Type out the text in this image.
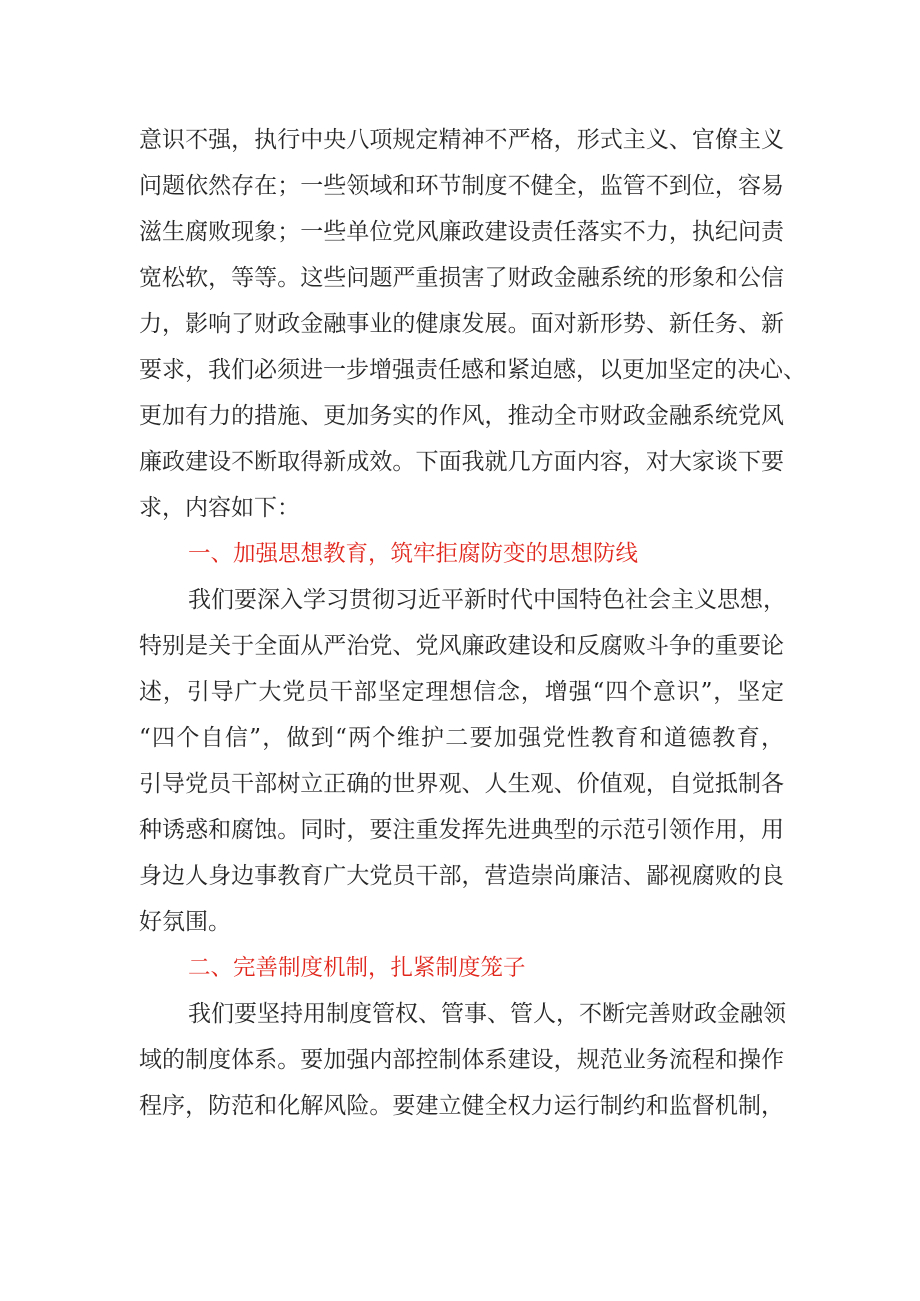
意识不强，执行中央八项规定精神不严格，形式主义、官僚主义
问题依然存在；一些领域和环节制度不健全，监管不到位，容易
滋生腐败现象；一些单位党风廉政建设责任落实不力，执纪问责
宽松软，等等。这些问题严重损害了财政金融系统的形象和公信
力，影响了财政金融事业的健康发展。面对新形势、新任务、新
要求，我们必须进一步增强责任感和紧迫感，以更加坚定的决心、
更加有力的措施、更加务实的作风，推动全市财政金融系统党风
廉政建设不断取得新成效。下面我就几方面内容，对大家谈下要
求，内容如下：
一、加强思想教育，筑牢拒腐防变的思想防线
我们要深入学习贯彻习近平新时代中国特色社会主义思想，
特别是关于全面从严治党、党风廉政建设和反腐败斗争的重要论
述，引导广大党员干部坚定理想信念，增强“四个意识”，坚定
“四个自信”，做到“两个维护二要加强党性教育和道德教育，
引导党员干部树立正确的世界观、人生观、价值观，自觉抵制各
种诱惑和腐蚀。同时，要注重发挥先进典型的示范引领作用，用
身边人身边事教育广大党员干部，营造崇尚廉洁、鄙视腐败的良
好氛围。
二、完善制度机制，扎紧制度笼子
我们要坚持用制度管权、管事、管人，不断完善财政金融领
域的制度体系。要加强内部控制体系建设，规范业务流程和操作
程序，防范和化解风险。要建立健全权力运行制约和监督机制，
